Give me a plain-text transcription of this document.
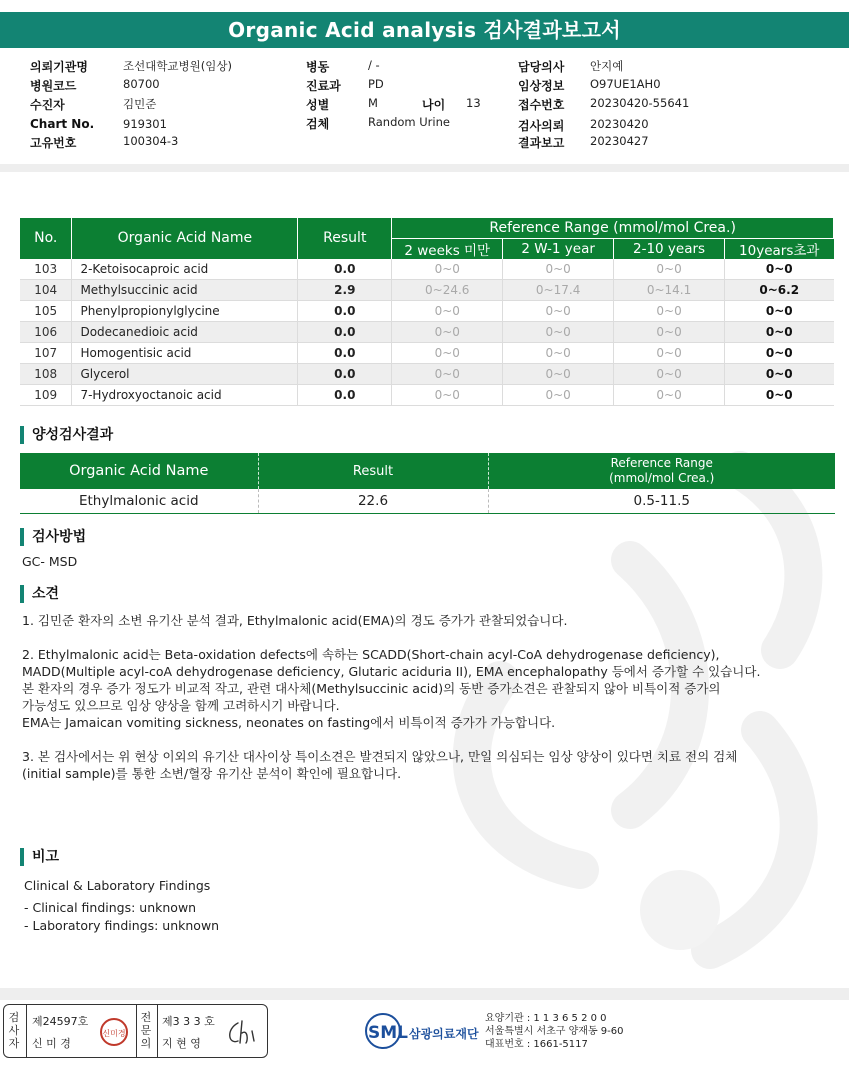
Organic Acid analysis 검사결과보고서
의뢰기관명	조선대학교병원(임상)
병원코드	80700
수진자	김민준
Chart No.	919301
고유번호	100304-3
병동	/ -
진료과 PD
성별	M	나이 13
검체	Random Urine
담당의사 안지예
임상정보 O97UE1AH0
접수번호 20230420-55641
검사의뢰 20230420
결과보고 20230427
No.	Organic Acid Name	Result	Reference Range (mmol/mol Crea.)			
			2 weeks 미만	2 W-1 year	2-10 years	10years초과
103	2-Ketoisocaproic acid	0.0	0~0	0~0	0~0	0~0
104	Methylsuccinic acid	2.9	0~24.6	0~17.4	0~14.1	0~6.2
105	Phenylpropionylglycine	0.0	0~0	0~0	0~0	0~0
106	Dodecanedioic acid	0.0	0~0	0~0	0~0	0~0
107	Homogentisic acid	0.0	0~0	0~0	0~0	0~0
108	Glycerol	0.0	0~0	0~0	0~0	0~0
109	7-Hydroxyoctanoic acid	0.0	0~0	0~0	0~0	0~0
양성검사결과
Organic Acid Name	Result	Reference Range
(mmol/mol Crea.)

Ethylmalonic acid	22.6	0.5-11.5
검사방법
GC- MSD
소견

1. 김민준 환자의 소변 유기산 분석 결과, Ethylmalonic acid(EMA)의 경도 증가가 관찰되었습니다.

2. Ethylmalonic acid는 Beta-oxidation defects에 속하는 SCADD(Short-chain acyl-CoA dehydrogenase deficiency),

MADD(Multiple acyl-coA dehydrogenase deficiency, Glutaric aciduria II), EMA encephalopathy 등에서 증가할 수 있습니다.

본 환자의 경우 증가 정도가 비교적 작고, 관련 대사체(Methylsuccinic acid)의 동반 증가소견은 관찰되지 않아 비특이적 증가의

가능성도 있으므로 임상 양상을 함께 고려하시기 바랍니다.

EMA는 Jamaican vomiting sickness, neonates on fasting에서 비특이적 증가가 가능합니다.

3. 본 검사에서는 위 현상 이외의 유기산 대사이상 특이소견은 발견되지 않았으나, 만일 의심되는 임상 양상이 있다면 치료 전의 검체

(initial sample)를 통한 소변/혈장 유기산 분석이 확인에 필요합니다.

비고
Clinical & Laboratory Findings
- Clinical findings: unknown
- Laboratory findings: unknown
검
사
자
제24597호
신 미 경
신미경
전
문
의
제3 3 3 호
지 현 영
SML 삼광의료재단
요양기관 : 1 1 3 6 5 2 0 0
서울특별시 서초구 양재동 9-60
대표번호 : 1661-5117
